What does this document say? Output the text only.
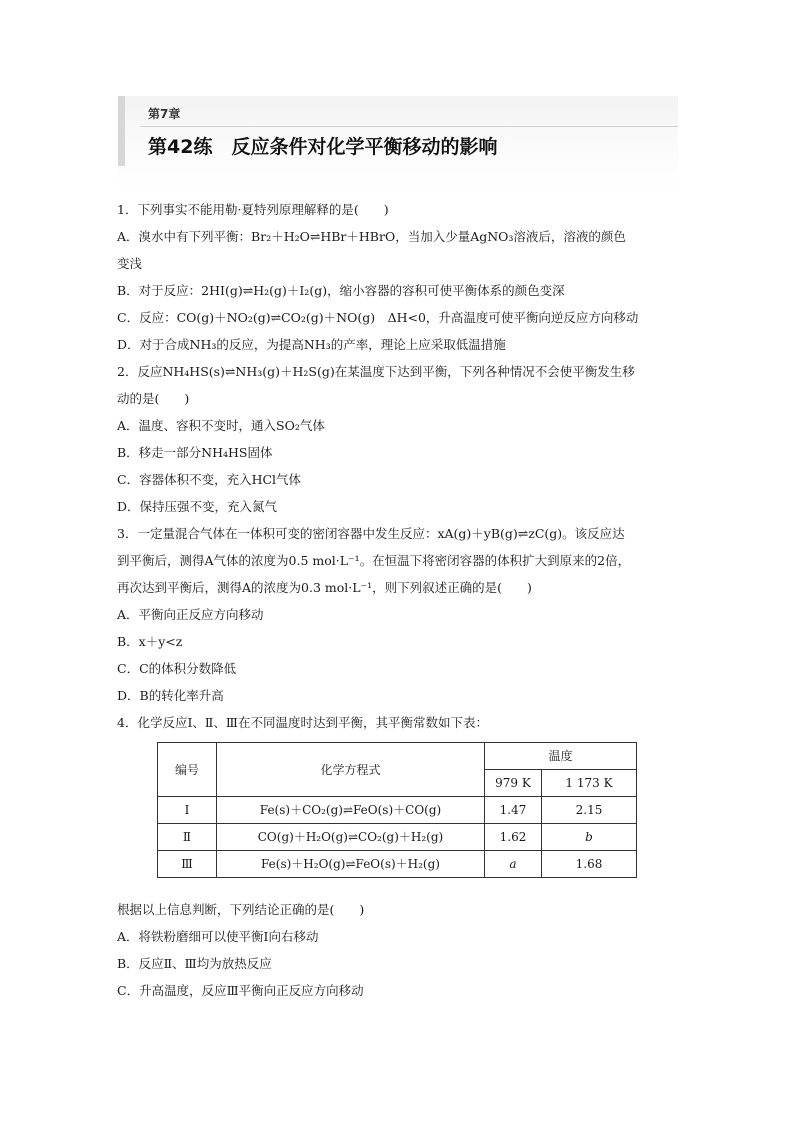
第7章
第42练　反应条件对化学平衡移动的影响
1．下列事实不能用勒·夏特列原理解释的是(　　)
A．溴水中有下列平衡：Br₂＋H₂O⇌HBr＋HBrO，当加入少量AgNO₃溶液后，溶液的颜色
变浅
B．对于反应：2HI(g)⇌H₂(g)＋I₂(g)，缩小容器的容积可使平衡体系的颜色变深
C．反应：CO(g)＋NO₂(g)⇌CO₂(g)＋NO(g)　ΔH<0，升高温度可使平衡向逆反应方向移动
D．对于合成NH₃的反应，为提高NH₃的产率，理论上应采取低温措施
2．反应NH₄HS(s)⇌NH₃(g)＋H₂S(g)在某温度下达到平衡，下列各种情况不会使平衡发生移
动的是(　　)
A．温度、容积不变时，通入SO₂气体
B．移走一部分NH₄HS固体
C．容器体积不变，充入HCl气体
D．保持压强不变，充入氮气
3．一定量混合气体在一体积可变的密闭容器中发生反应：xA(g)＋yB(g)⇌zC(g)。该反应达
到平衡后，测得A气体的浓度为0.5 mol·L⁻¹。在恒温下将密闭容器的体积扩大到原来的2倍，
再次达到平衡后，测得A的浓度为0.3 mol·L⁻¹，则下列叙述正确的是(　　)
A．平衡向正反应方向移动
B．x＋y<z
C．C的体积分数降低
D．B的转化率升高
4．化学反应Ⅰ、Ⅱ、Ⅲ在不同温度时达到平衡，其平衡常数如下表：
编号	化学方程式	温度	
		979 K	1 173 K
Ⅰ	Fe(s)＋CO₂(g)⇌FeO(s)＋CO(g)	1.47	2.15
Ⅱ	CO(g)＋H₂O(g)⇌CO₂(g)＋H₂(g)	1.62	b
Ⅲ	Fe(s)＋H₂O(g)⇌FeO(s)＋H₂(g)	a	1.68
根据以上信息判断，下列结论正确的是(　　)
A．将铁粉磨细可以使平衡Ⅰ向右移动
B．反应Ⅱ、Ⅲ均为放热反应
C．升高温度，反应Ⅲ平衡向正反应方向移动
